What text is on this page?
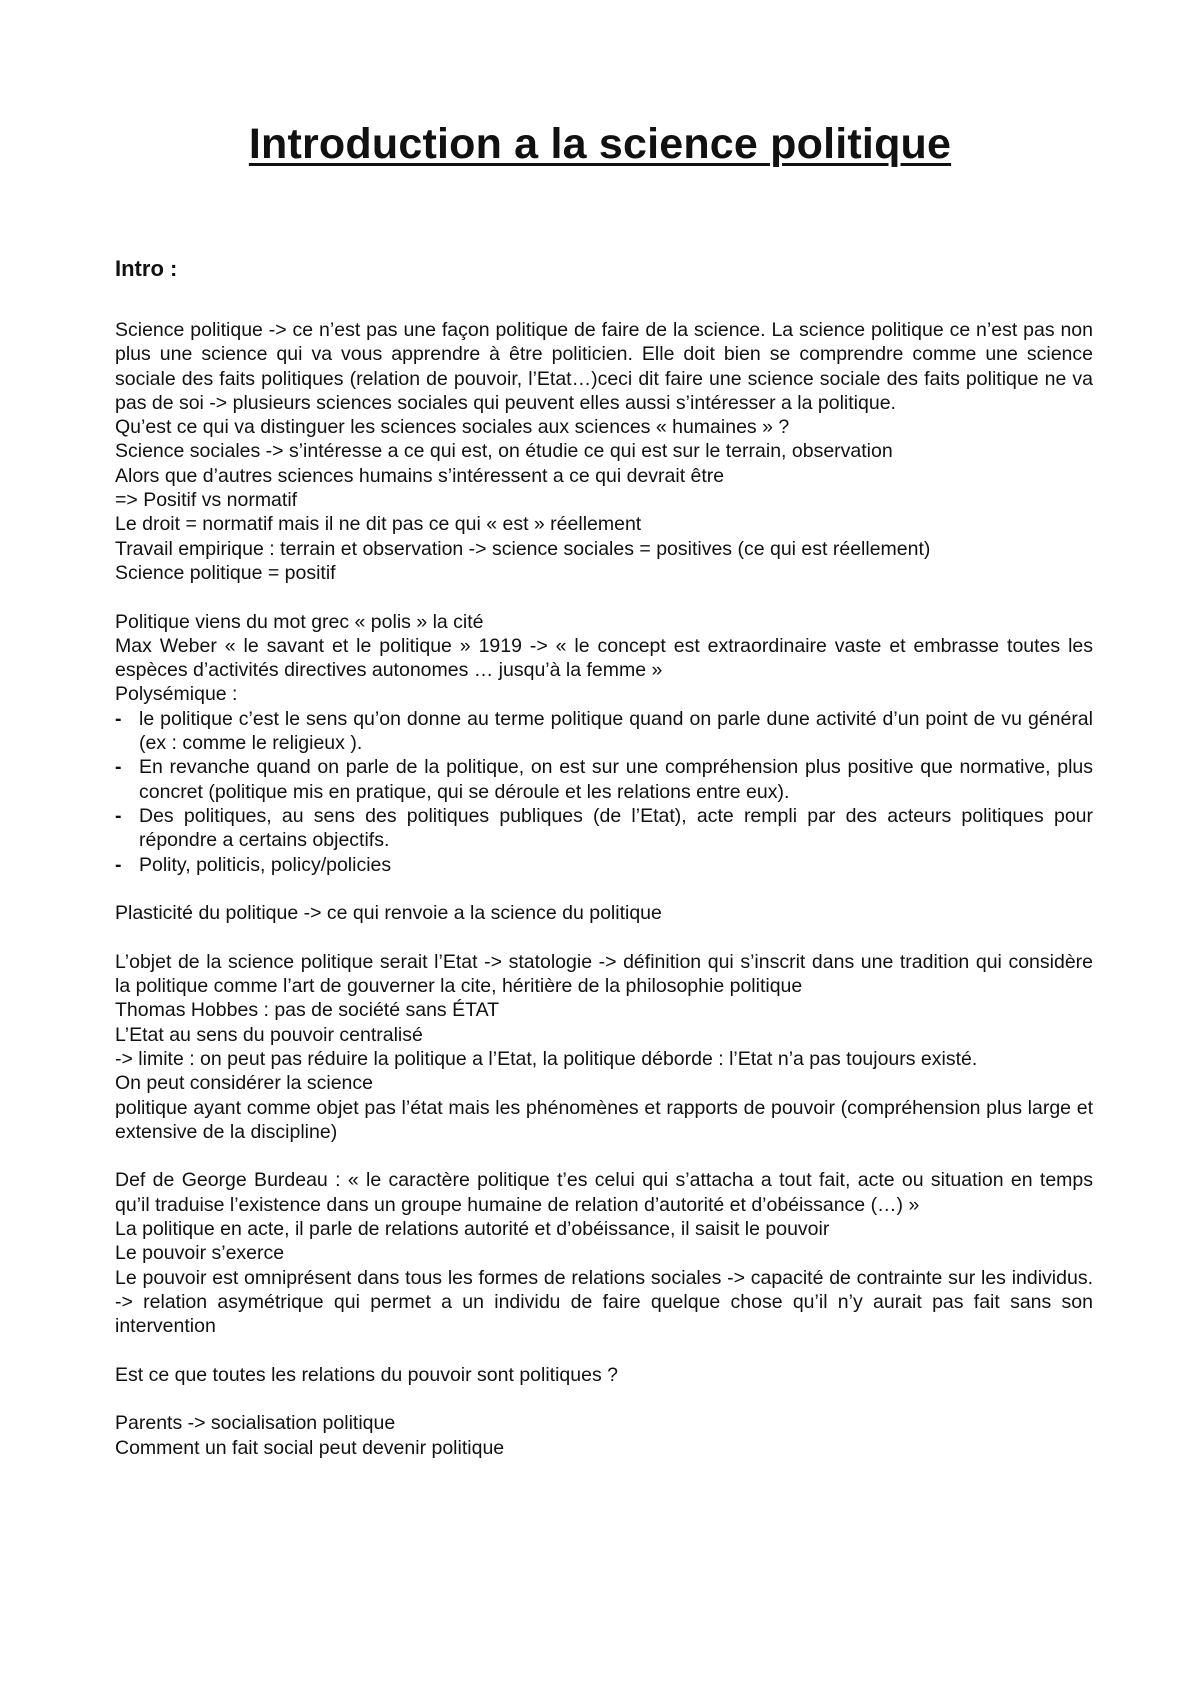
Introduction a la science politique
Intro :

Science politique -> ce n’est pas une façon politique de faire de la science. La science politique ce n’est pas non plus une science qui va vous apprendre à être politicien. Elle doit bien se comprendre comme une science sociale des faits politiques (relation de pouvoir, l’Etat…)ceci dit faire une science sociale des faits politique ne va pas de soi -> plusieurs sciences sociales qui peuvent elles aussi s’intéresser a la politique.

Qu’est ce qui va distinguer les sciences sociales aux sciences « humaines » ?

Science sociales -> s’intéresse a ce qui est, on étudie ce qui est sur le terrain, observation

Alors que d’autres sciences humains s’intéressent a ce qui devrait être

=> Positif vs normatif

Le droit = normatif mais il ne dit pas ce qui « est » réellement

Travail empirique : terrain et observation -> science sociales = positives (ce qui est réellement)

Science politique = positif

Politique viens du mot grec « polis » la cité

Max Weber « le savant et le politique » 1919 -> « le concept est extraordinaire vaste et embrasse toutes les espèces d’activités directives autonomes … jusqu’à la femme »

Polysémique :

- le politique c’est le sens qu’on donne au terme politique quand on parle dune activité d’un point de vu général (ex : comme le religieux ).
- En revanche quand on parle de la politique, on est sur une compréhension plus positive que normative, plus concret (politique mis en pratique, qui se déroule et les relations entre eux).
- Des politiques, au sens des politiques publiques (de l’Etat), acte rempli par des acteurs politiques pour répondre a certains objectifs.
- Polity, politicis, policy/policies

Plasticité du politique -> ce qui renvoie a la science du politique

L’objet de la science politique serait l’Etat -> statologie -> définition qui s’inscrit dans une tradition qui considère la politique comme l’art de gouverner la cite, héritière de la philosophie politique

Thomas Hobbes : pas de société sans ÉTAT

L’Etat au sens du pouvoir centralisé

-> limite : on peut pas réduire la politique a l’Etat, la politique déborde : l’Etat n’a pas toujours existé.

On peut considérer la science

politique ayant comme objet pas l’état mais les phénomènes et rapports de pouvoir (compréhension plus large et extensive de la discipline)

Def de George Burdeau : « le caractère politique t’es celui qui s’attacha a tout fait, acte ou situation en temps qu’il traduise l’existence dans un groupe humaine de relation d’autorité et d’obéissance (…) »

La politique en acte, il parle de relations autorité et d’obéissance, il saisit le pouvoir

Le pouvoir s’exerce

Le pouvoir est omniprésent dans tous les formes de relations sociales -> capacité de contrainte sur les individus. -> relation asymétrique qui permet a un individu de faire quelque chose qu’il n’y aurait pas fait sans son intervention

Est ce que toutes les relations du pouvoir sont politiques ?

Parents -> socialisation politique

Comment un fait social peut devenir politique
